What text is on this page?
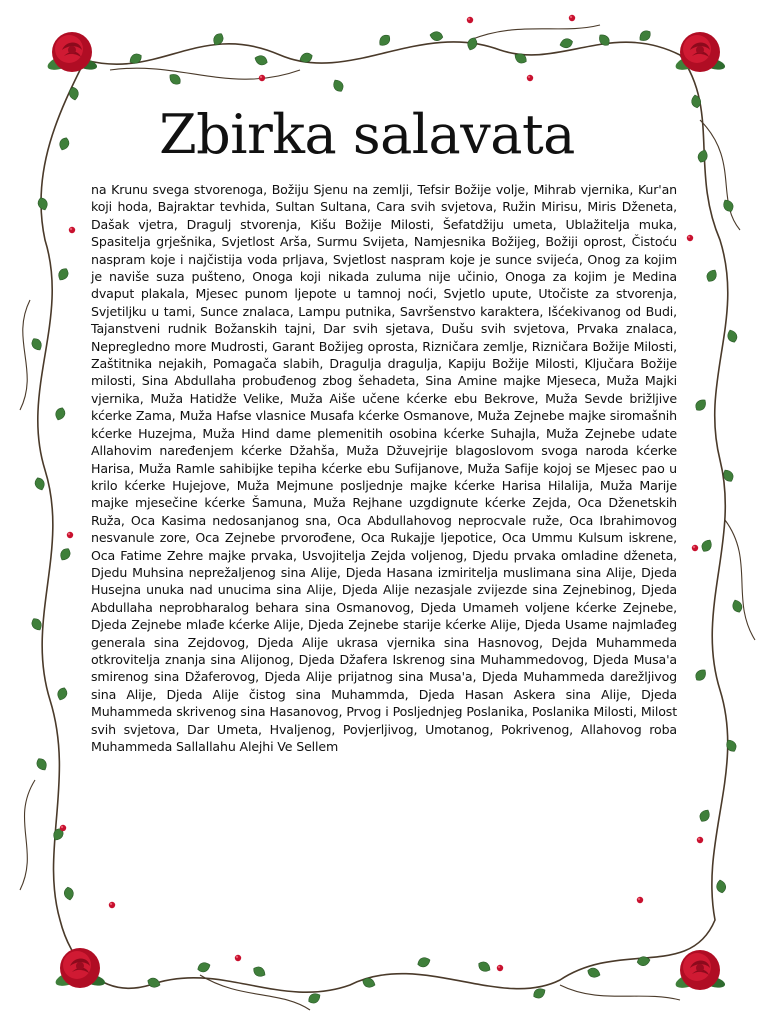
Zbirka salavata
na Krunu svega stvorenoga, Božiju Sjenu na zemlji, Tefsir Božije volje, Mihrab vjernika, Kur'an koji hoda, Bajraktar tevhida, Sultan Sultana, Cara svih svjetova, Ružin Mirisu, Miris Dženeta, Dašak vjetra, Dragulj stvorenja, Kišu Božije Milosti, Šefatdžiju umeta, Ublažitelja muka, Spasitelja grješnika, Svjetlost Arša, Surmu Svijeta, Namjesnika Božijeg, Božiji oprost, Čistoću naspram koje i najčistija voda prljava, Svjetlost naspram koje je sunce svijeća, Onog za kojim je naviše suza pušteno, Onoga koji nikada zuluma nije učinio, Onoga za kojim je Medina dvaput plakala, Mjesec punom ljepote u tamnoj noći, Svjetlo upute, Utočiste za stvorenja, Svjetiljku u tami, Sunce znalaca, Lampu putnika, Savršenstvo karaktera, Išćekivanog od Budi, Tajanstveni rudnik Božanskih tajni, Dar svih sjetava, Dušu svih svjetova, Prvaka znalaca, Nepregledno more Mudrosti, Garant Božijeg oprosta, Rizničara zemlje, Rizničara Božije Milosti, Zaštitnika nejakih, Pomagača slabih, Dragulja dragulja, Kapiju Božije Milosti, Ključara Božije milosti, Sina Abdullaha probuđenog zbog šehadeta, Sina Amine majke Mjeseca, Muža Majki vjernika, Muža Hatidže Velike, Muža Aiše učene kćerke ebu Bekrove, Muža Sevde brižljive kćerke Zama, Muža Hafse vlasnice Musafa kćerke Osmanove, Muža Zejnebe majke siromašnih kćerke Huzejma, Muža Hind dame plemenitih osobina kćerke Suhajla, Muža Zejnebe udate Allahovim naređenjem kćerke Džahša, Muža Džuvejrije blagoslovom svoga naroda kćerke Harisa, Muža Ramle sahibijke tepiha kćerke ebu Sufijanove, Muža Safije kojoj se Mjesec pao u krilo kćerke Hujejove, Muža Mejmune posljednje majke kćerke Harisa Hilalija, Muža Marije majke mjesečine kćerke Šamuna, Muža Rejhane uzgdignute kćerke Zejda, Oca Dženetskih Ruža, Oca Kasima nedosanjanog sna, Oca Abdullahovog neprocvale ruže, Oca Ibrahimovog nesvanule zore, Oca Zejnebe prvorođene, Oca Rukajje ljepotice, Oca Ummu Kulsum iskrene, Oca Fatime Zehre majke prvaka, Usvojitelja Zejda voljenog, Djedu prvaka omladine dženeta, Djedu Muhsina neprežaljenog sina Alije, Djeda Hasana izmiritelja muslimana sina Alije, Djeda Husejna unuka nad unucima sina Alije, Djeda Alije nezasjale zvijezde sina Zejnebinog, Djeda Abdullaha neprobharalog behara sina Osmanovog, Djeda Umameh voljene kćerke Zejnebe, Djeda Zejnebe mlađe kćerke Alije, Djeda Zejnebe starije kćerke Alije, Djeda Usame najmlađeg generala sina Zejdovog, Djeda Alije ukrasa vjernika sina Hasnovog, Dejda Muhammeda otkrovitelja znanja sina Alijonog, Djeda Džafera Iskrenog sina Muhammedovog, Djeda Musa'a smirenog sina Džaferovog, Djeda Alije prijatnog sina Musa'a, Djeda Muhammeda darežljivog sina Alije, Djeda Alije čistog sina Muhammda, Djeda Hasan Askera sina Alije, Djeda Muhammeda skrivenog sina Hasanovog, Prvog i Posljednjeg Poslanika, Poslanika Milosti, Milost svih svjetova, Dar Umeta, Hvaljenog, Povjerljivog, Umotanog, Pokrivenog, Allahovog roba Muhammeda Sallallahu Alejhi Ve Sellem
